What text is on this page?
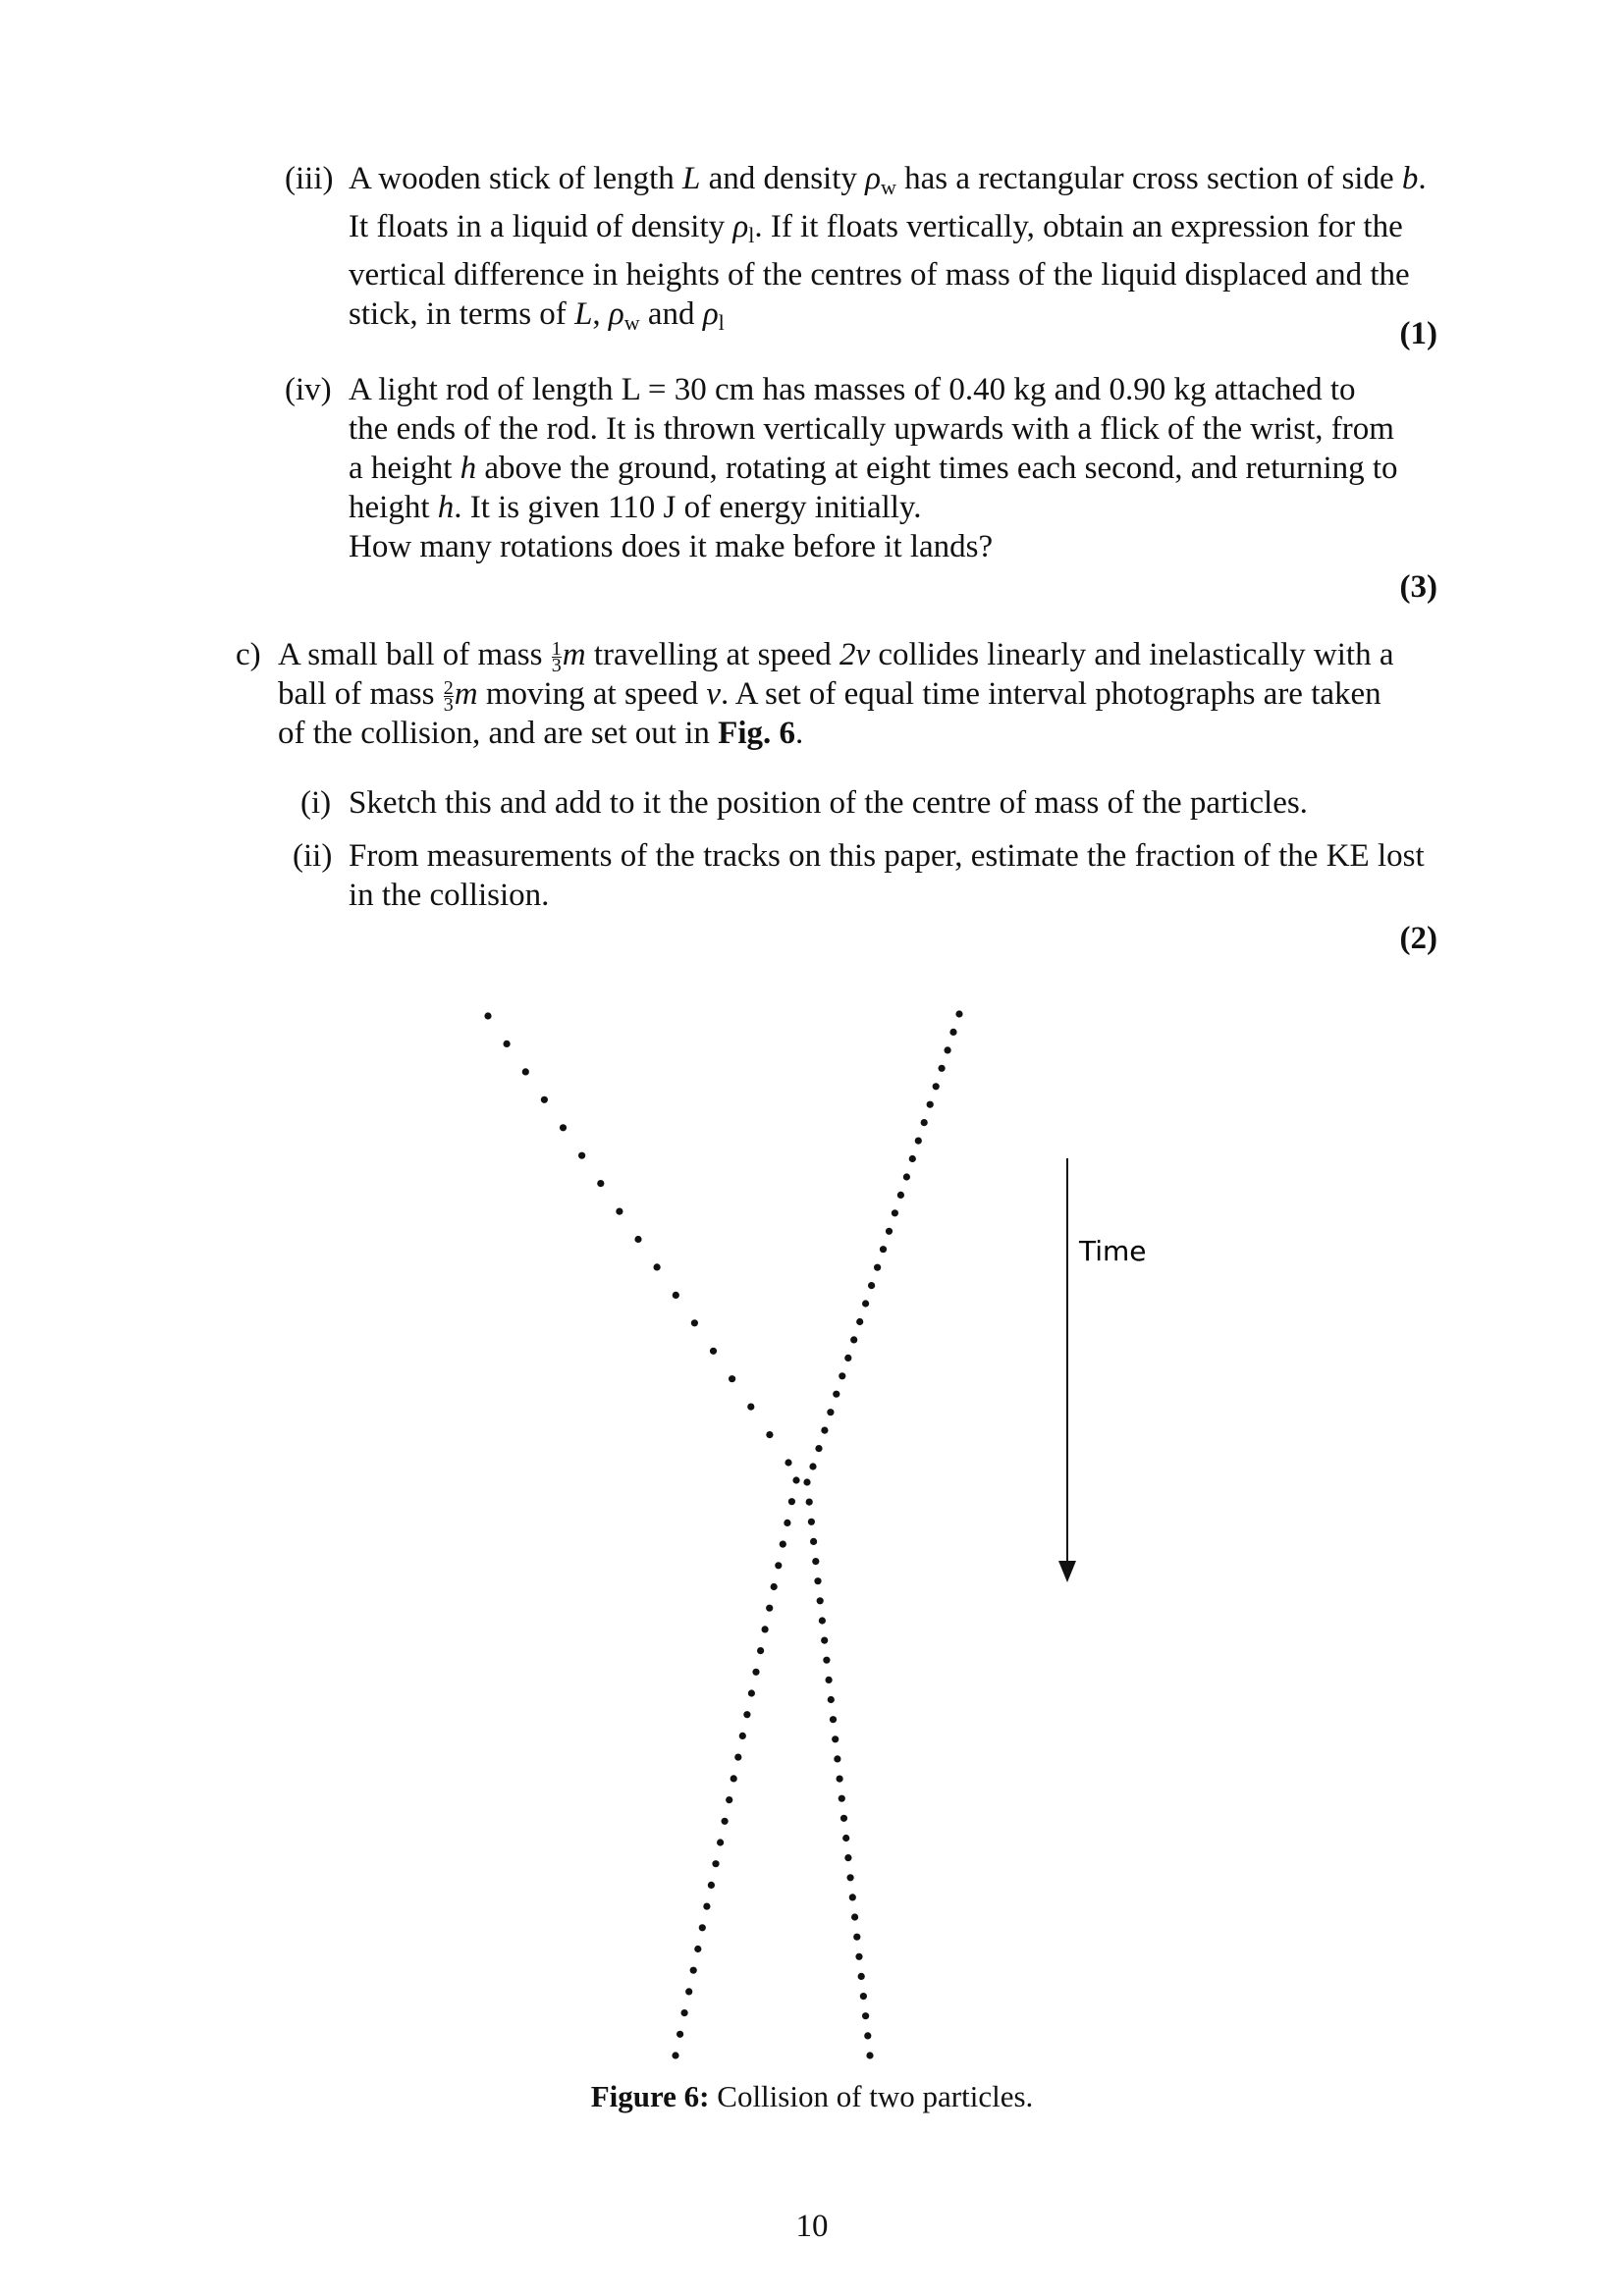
(iii) A wooden stick of length L and density $\rho_w$ has a rectangular cross section of side b.
It floats in a liquid of density $\rho_l$. If it floats vertically, obtain an expression for the
vertical difference in heights of the centres of mass of the liquid displaced and the
stick, in terms of L, $\rho_w$ and $\rho_l$	(1)
(iv) A light rod of length L = 30 cm has masses of 0.40 kg and 0.90 kg attached to
the ends of the rod. It is thrown vertically upwards with a flick of the wrist, from
a height h above the ground, rotating at eight times each second, and returning to
height h. It is given 110 J of energy initially.
How many rotations does it make before it lands?
(3)
c) A small ball of mass $\frac{1}{3}$ m travelling at speed 2v collides linearly and inelastically with a
ball of mass $\frac{2}{3}$ m moving at speed v. A set of equal time interval photographs are taken
of the collision, and are set out in Fig. 6.
(i) Sketch this and add to it the position of the centre of mass of the particles.
(ii) From measurements of the tracks on this paper, estimate the fraction of the KE lost
in the collision.
(2)
Time
Figure 6: Collision of two particles.
10
